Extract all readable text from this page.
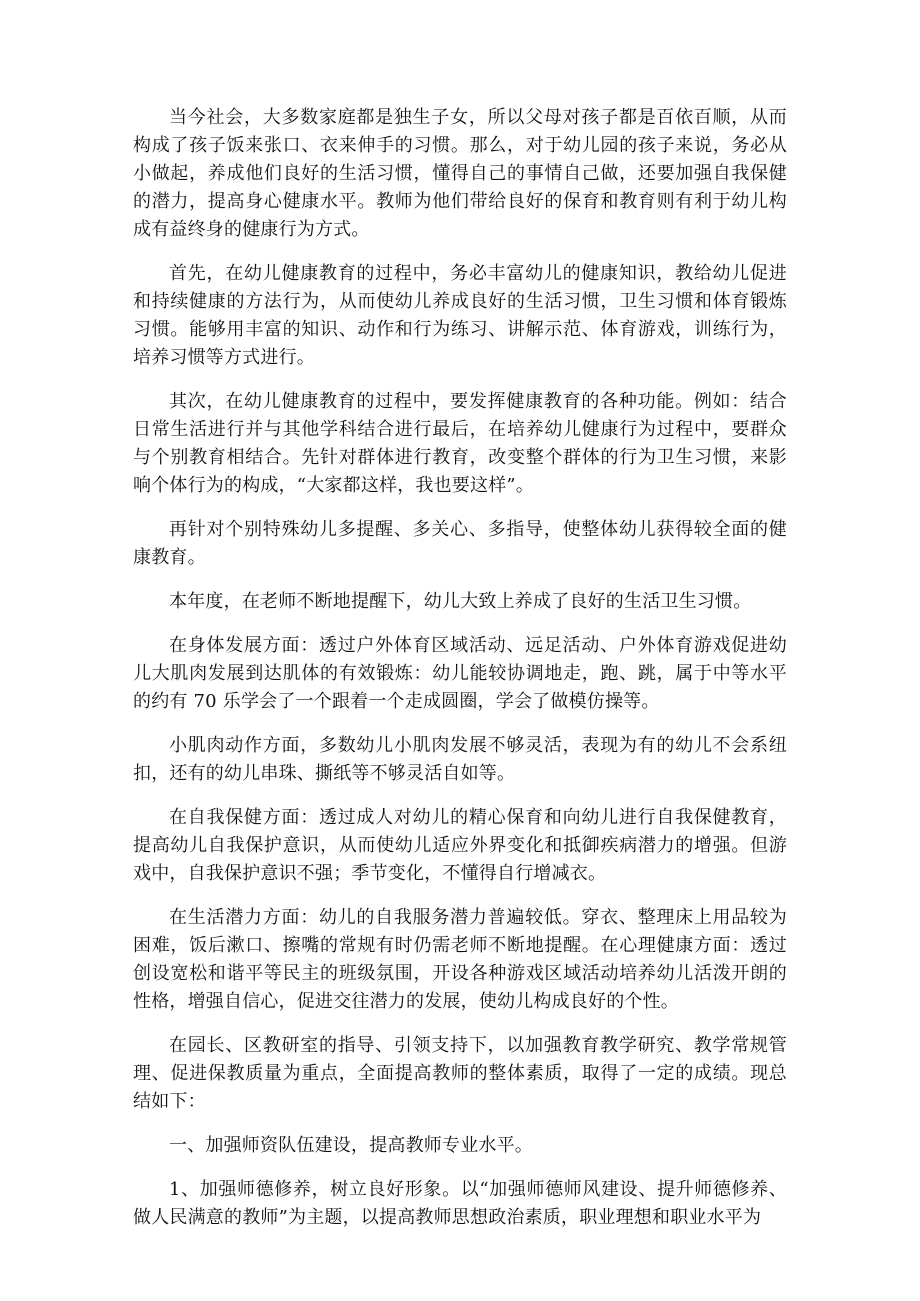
当今社会，大多数家庭都是独生子女，所以父母对孩子都是百依百顺，从而构成了孩子饭来张口、衣来伸手的习惯。那么，对于幼儿园的孩子来说，务必从小做起，养成他们良好的生活习惯，懂得自己的事情自己做，还要加强自我保健的潜力，提高身心健康水平。教师为他们带给良好的保育和教育则有利于幼儿构成有益终身的健康行为方式。

首先，在幼儿健康教育的过程中，务必丰富幼儿的健康知识，教给幼儿促进和持续健康的方法行为，从而使幼儿养成良好的生活习惯，卫生习惯和体育锻炼习惯。能够用丰富的知识、动作和行为练习、讲解示范、体育游戏，训练行为，培养习惯等方式进行。

其次，在幼儿健康教育的过程中，要发挥健康教育的各种功能。例如：结合日常生活进行并与其他学科结合进行最后，在培养幼儿健康行为过程中，要群众与个别教育相结合。先针对群体进行教育，改变整个群体的行为卫生习惯，来影响个体行为的构成，“大家都这样，我也要这样”。

再针对个别特殊幼儿多提醒、多关心、多指导，使整体幼儿获得较全面的健康教育。

本年度，在老师不断地提醒下，幼儿大致上养成了良好的生活卫生习惯。

在身体发展方面：透过户外体育区域活动、远足活动、户外体育游戏促进幼儿大肌肉发展到达肌体的有效锻炼：幼儿能较协调地走，跑、跳，属于中等水平的约有 70 乐学会了一个跟着一个走成圆圈，学会了做模仿操等。

小肌肉动作方面，多数幼儿小肌肉发展不够灵活，表现为有的幼儿不会系纽扣，还有的幼儿串珠、撕纸等不够灵活自如等。

在自我保健方面：透过成人对幼儿的精心保育和向幼儿进行自我保健教育，提高幼儿自我保护意识，从而使幼儿适应外界变化和抵御疾病潜力的增强。但游戏中，自我保护意识不强；季节变化，不懂得自行增减衣。

在生活潜力方面：幼儿的自我服务潜力普遍较低。穿衣、整理床上用品较为困难，饭后漱口、擦嘴的常规有时仍需老师不断地提醒。在心理健康方面：透过创设宽松和谐平等民主的班级氛围，开设各种游戏区域活动培养幼儿活泼开朗的性格，增强自信心，促进交往潜力的发展，使幼儿构成良好的个性。

在园长、区教研室的指导、引领支持下，以加强教育教学研究、教学常规管理、促进保教质量为重点，全面提高教师的整体素质，取得了一定的成绩。现总结如下：

一、加强师资队伍建设，提高教师专业水平。

1、加强师德修养，树立良好形象。以“加强师德师风建设、提升师德修养、做人民满意的教师”为主题，以提高教师思想政治素质，职业理想和职业水平为
